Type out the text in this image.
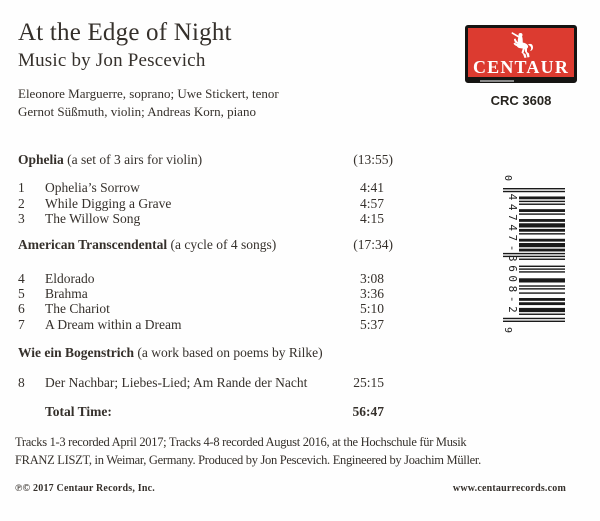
At the Edge of Night
Music by Jon Pescevich
Eleonore Marguerre, soprano; Uwe Stickert, tenor
Gernot Süßmuth, violin; Andreas Korn, piano
CENTAUR
CRC 3608
Ophelia (a set of 3 airs for violin)	(13:55)
1	Ophelia’s Sorrow	4:41
2	While Digging a Grave	4:57
3	The Willow Song	4:15
American Transcendental (a cycle of 4 songs)	(17:34)
4	Eldorado	3:08
5	Brahma	3:36
6	The Chariot	5:10
7	A Dream within a Dream	5:37
Wie ein Bogenstrich (a work based on poems by Rilke)
8	Der Nachbar; Liebes-Lied; Am Rande der Nacht	25:15
Total Time:	56:47
Tracks 1-3 recorded April 2017; Tracks 4-8 recorded August 2016, at the Hochschule für Musik
FRANZ LISZT, in Weimar, Germany. Produced by Jon Pescevich. Engineered by Joachim Müller.
℗© 2017 Centaur Records, Inc.	www.centaurrecords.com
0
44747-3608-2
9
